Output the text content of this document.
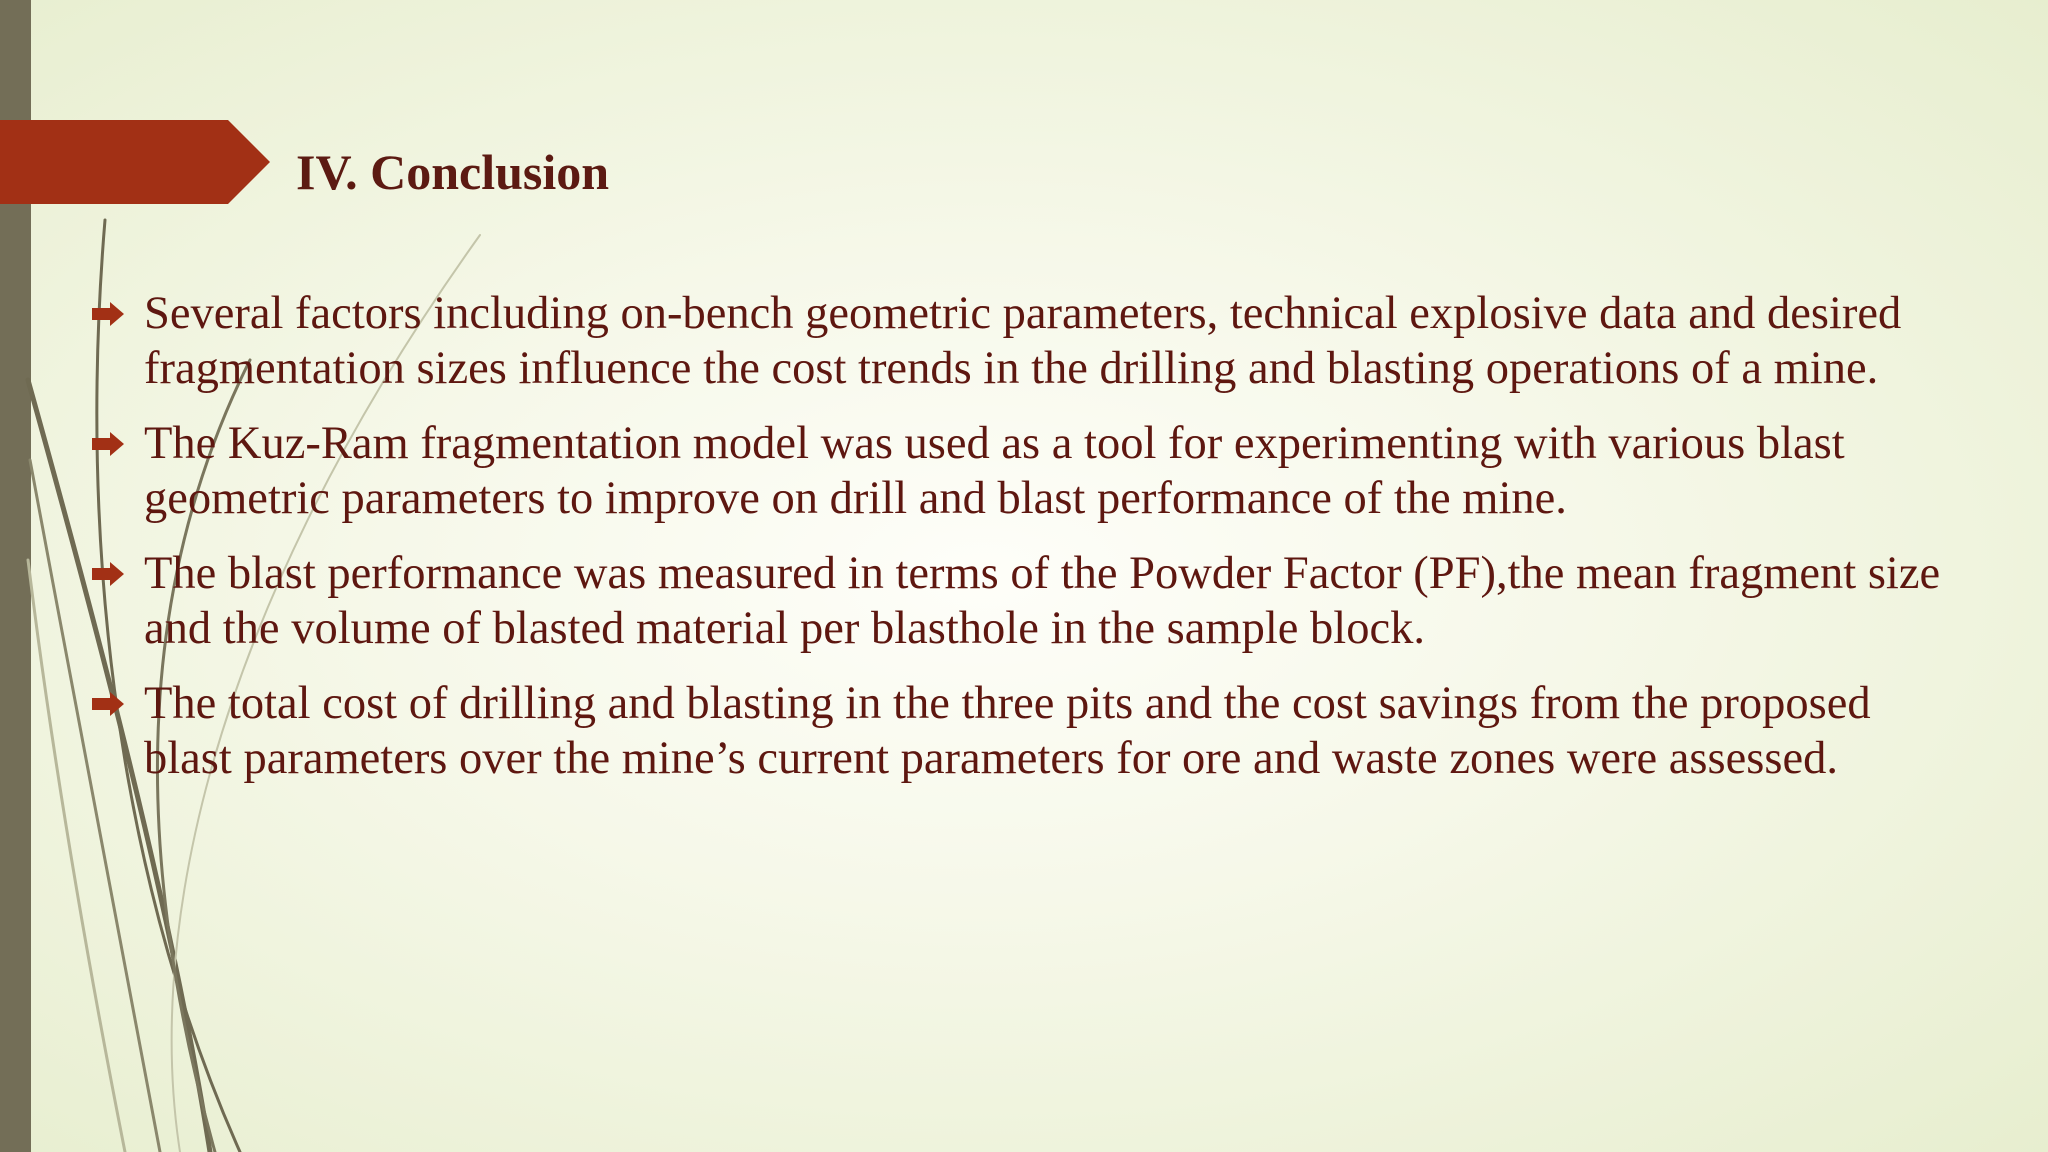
IV. Conclusion
Several factors including on-bench geometric parameters, technical explosive data and desired fragmentation sizes influence the cost trends in the drilling and blasting operations of a mine.
The Kuz-Ram fragmentation model was used as a tool for experimenting with various blast geometric parameters to improve on drill and blast performance of the mine.
The blast performance was measured in terms of the Powder Factor (PF),the mean fragment size and the volume of blasted material per blasthole in the sample block.
The total cost of drilling and blasting in the three pits and the cost savings from the proposed blast parameters over the mine’s current parameters for ore and waste zones were assessed.
